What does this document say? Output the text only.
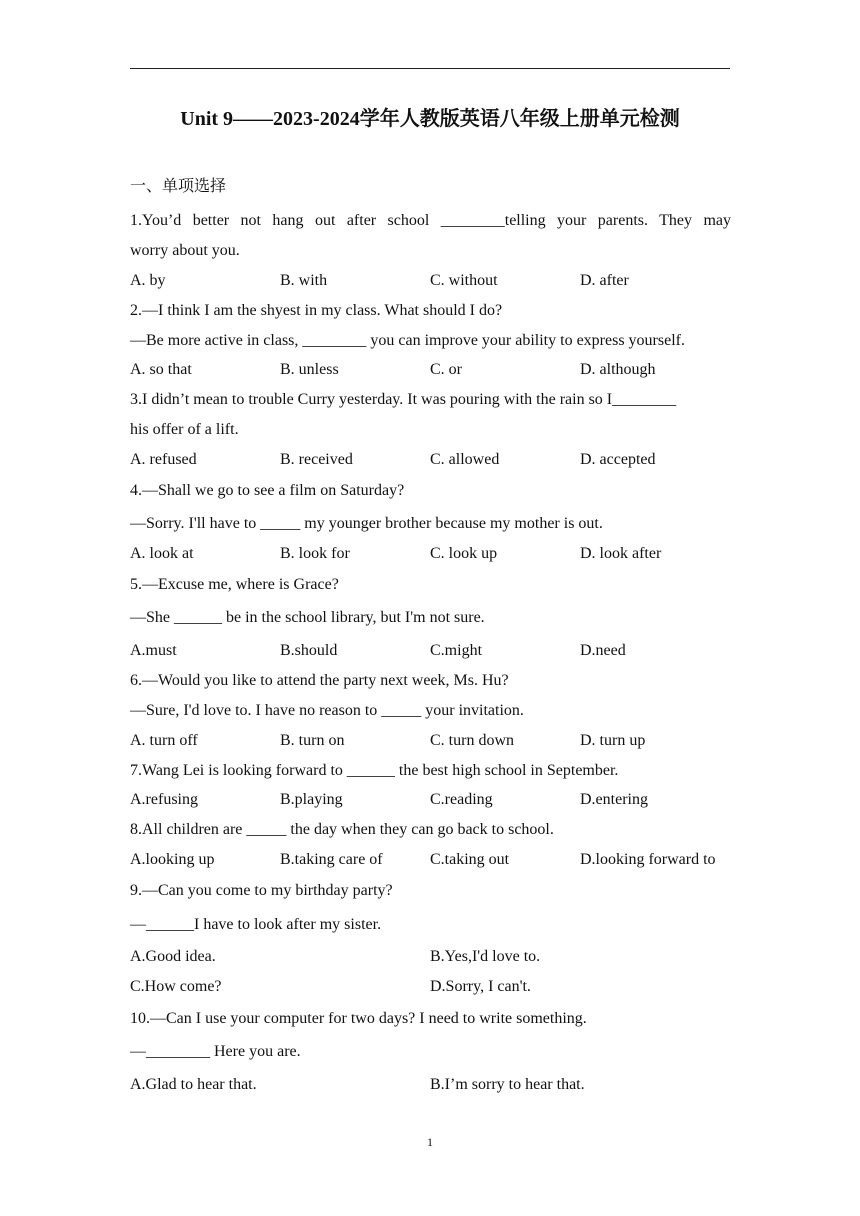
Unit 9——2023-2024学年人教版英语八年级上册单元检测
一、单项选择
1.You’d better not hang out after school ________telling your parents. They may
worry about you.
A. by	B. with	C. without	D. after
2.—I think I am the shyest in my class. What should I do?
—Be more active in class, ________ you can improve your ability to express yourself.
A. so that	B. unless	C. or	D. although
3.I didn’t mean to trouble Curry yesterday. It was pouring with the rain so I________
his offer of a lift.
A. refused	B. received	C. allowed	D. accepted
4.—Shall we go to see a film on Saturday?
—Sorry. I'll have to _____ my younger brother because my mother is out.
A. look at	B. look for	C. look up	D. look after
5.—Excuse me, where is Grace?
—She ______ be in the school library, but I'm not sure.
A.must	B.should	C.might	D.need
6.—Would you like to attend the party next week, Ms. Hu?
—Sure, I'd love to. I have no reason to _____ your invitation.
A. turn off	B. turn on	C. turn down	D. turn up
7.Wang Lei is looking forward to ______ the best high school in September.
A.refusing	B.playing	C.reading	D.entering
8.All children are _____ the day when they can go back to school.
A.looking up	B.taking care of	C.taking out	D.looking forward to
9.—Can you come to my birthday party?
—______I have to look after my sister.
A.Good idea.	B.Yes,I'd love to.
C.How come?	D.Sorry, I can't.
10.—Can I use your computer for two days? I need to write something.
—________ Here you are.
A.Glad to hear that.	B.I’m sorry to hear that.
1
